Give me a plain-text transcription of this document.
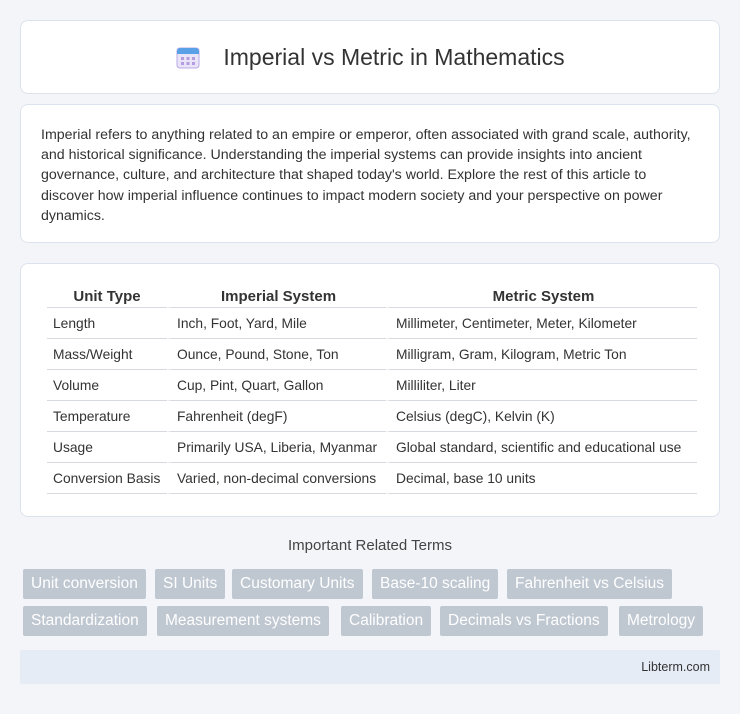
Imperial vs Metric in Mathematics

Imperial refers to anything related to an empire or emperor, often associated with grand scale, authority, and historical significance. Understanding the imperial systems can provide insights into ancient governance, culture, and architecture that shaped today's world. Explore the rest of this article to discover how imperial influence continues to impact modern society and your perspective on power dynamics.

Unit Type	Imperial System	Metric System
Length	Inch, Foot, Yard, Mile	Millimeter, Centimeter, Meter, Kilometer
Mass/Weight	Ounce, Pound, Stone, Ton	Milligram, Gram, Kilogram, Metric Ton
Volume	Cup, Pint, Quart, Gallon	Milliliter, Liter
Temperature	Fahrenheit (degF)	Celsius (degC), Kelvin (K)
Usage	Primarily USA, Liberia, Myanmar	Global standard, scientific and educational use
Conversion Basis	Varied, non-decimal conversions	Decimal, base 10 units
Important Related Terms
Unit conversion	SI Units	Customary Units	Base-10 scaling	Fahrenheit vs Celsius
Standardization	Measurement systems	Calibration	Decimals vs Fractions	Metrology
Libterm.com
